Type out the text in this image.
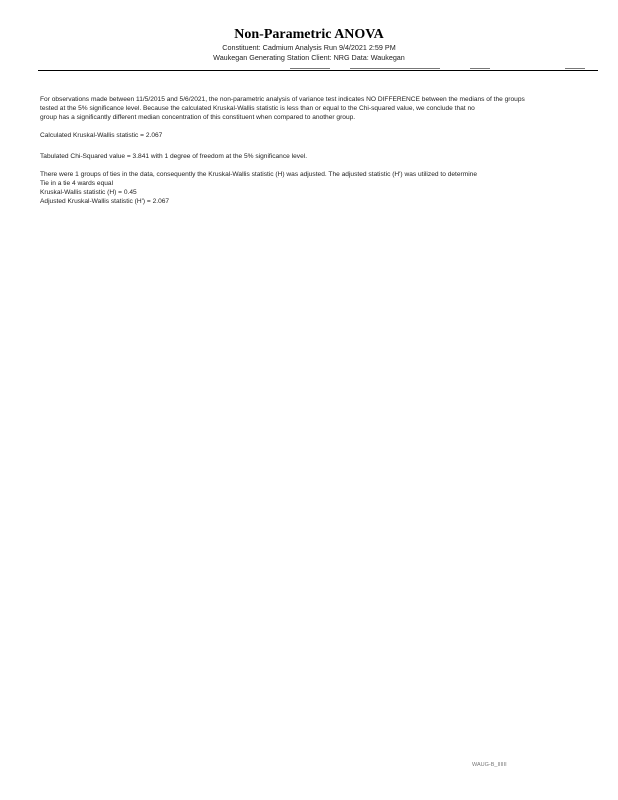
Non-Parametric ANOVA

Constituent: Cadmium Analysis Run 9/4/2021 2:59 PM

Waukegan Generating Station Client: NRG Data: Waukegan

For observations made between 11/5/2015 and 5/6/2021, the non-parametric analysis of variance test indicates NO DIFFERENCE between the medians of the groups

tested at the 5% significance level. Because the calculated Kruskal-Wallis statistic is less than or equal to the Chi-squared value, we conclude that no

group has a significantly different median concentration of this constituent when compared to another group.

Calculated Kruskal-Wallis statistic = 2.067

Tabulated Chi-Squared value = 3.841 with 1 degree of freedom at the 5% significance level.

There were 1 groups of ties in the data, consequently the Kruskal-Wallis statistic (H) was adjusted. The adjusted statistic (H') was utilized to determine

Tie in a tie 4 wards equal

Kruskal-Wallis statistic (H) = 0.45

Adjusted Kruskal-Wallis statistic (H') = 2.067

WAUG-B_IIIIII
